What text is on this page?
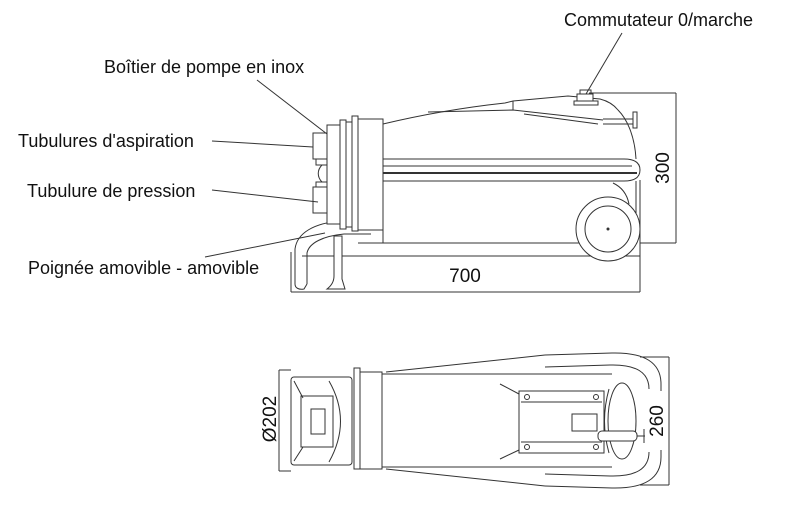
Commutateur 0/marche
Boîtier de pompe en inox
Tubulures d'aspiration
Tubulure de pression
Poignée amovible - amovible	700
300
Ø202	260
